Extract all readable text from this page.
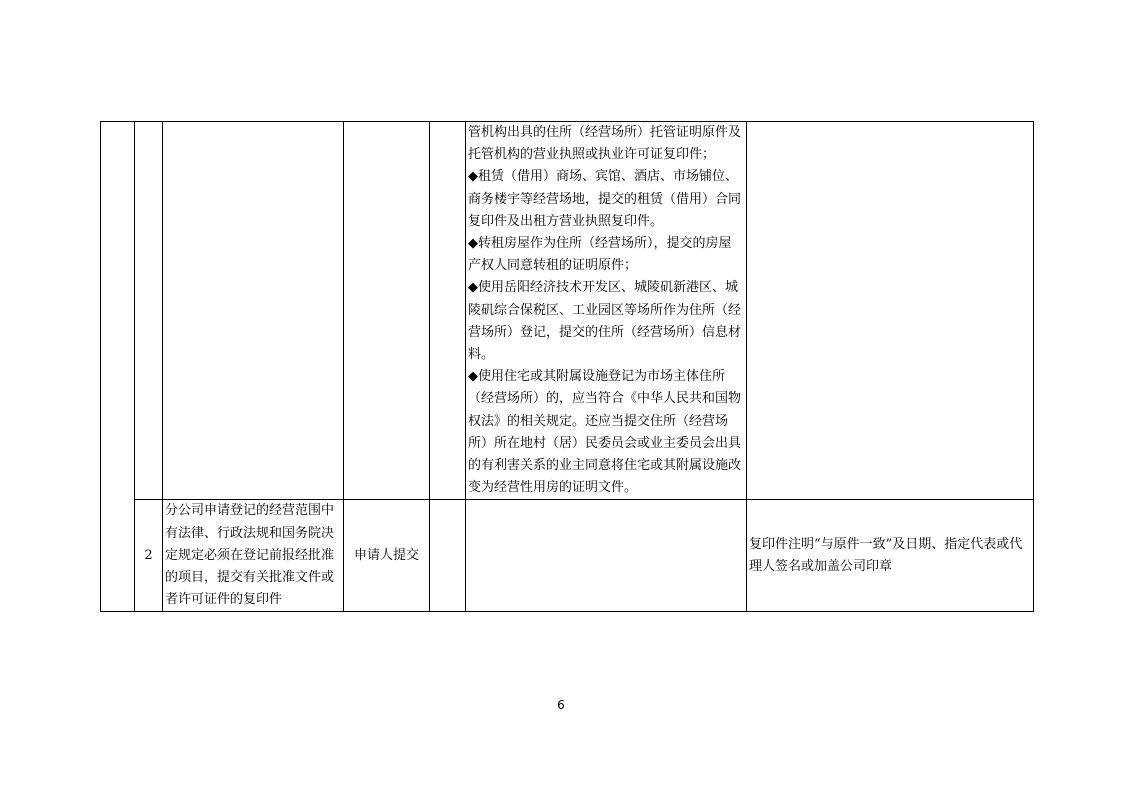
					管机构出具的住所（经营场所）托管证明原件及托管机构的营业执照或执业许可证复印件；
◆租赁（借用）商场、宾馆、酒店、市场铺位、商务楼宇等经营场地，提交的租赁（借用）合同复印件及出租方营业执照复印件。
◆转租房屋作为住所（经营场所），提交的房屋产权人同意转租的证明原件；
◆使用岳阳经济技术开发区、城陵矶新港区、城陵矶综合保税区、工业园区等场所作为住所（经营场所）登记，提交的住所（经营场所）信息材料。
◆使用住宅或其附属设施登记为市场主体住所（经营场所）的，应当符合《中华人民共和国物权法》的相关规定。还应当提交住所（经营场所）所在地村（居）民委员会或业主委员会出具的有利害关系的业主同意将住宅或其附属设施改变为经营性用房的证明文件。	

	2	分公司申请登记的经营范围中有法律、行政法规和国务院决定规定必须在登记前报经批准的项目，提交有关批准文件或者许可证件的复印件	申请人提交			复印件注明“与原件一致”及日期、指定代表或代理人签名或加盖公司印章
6
